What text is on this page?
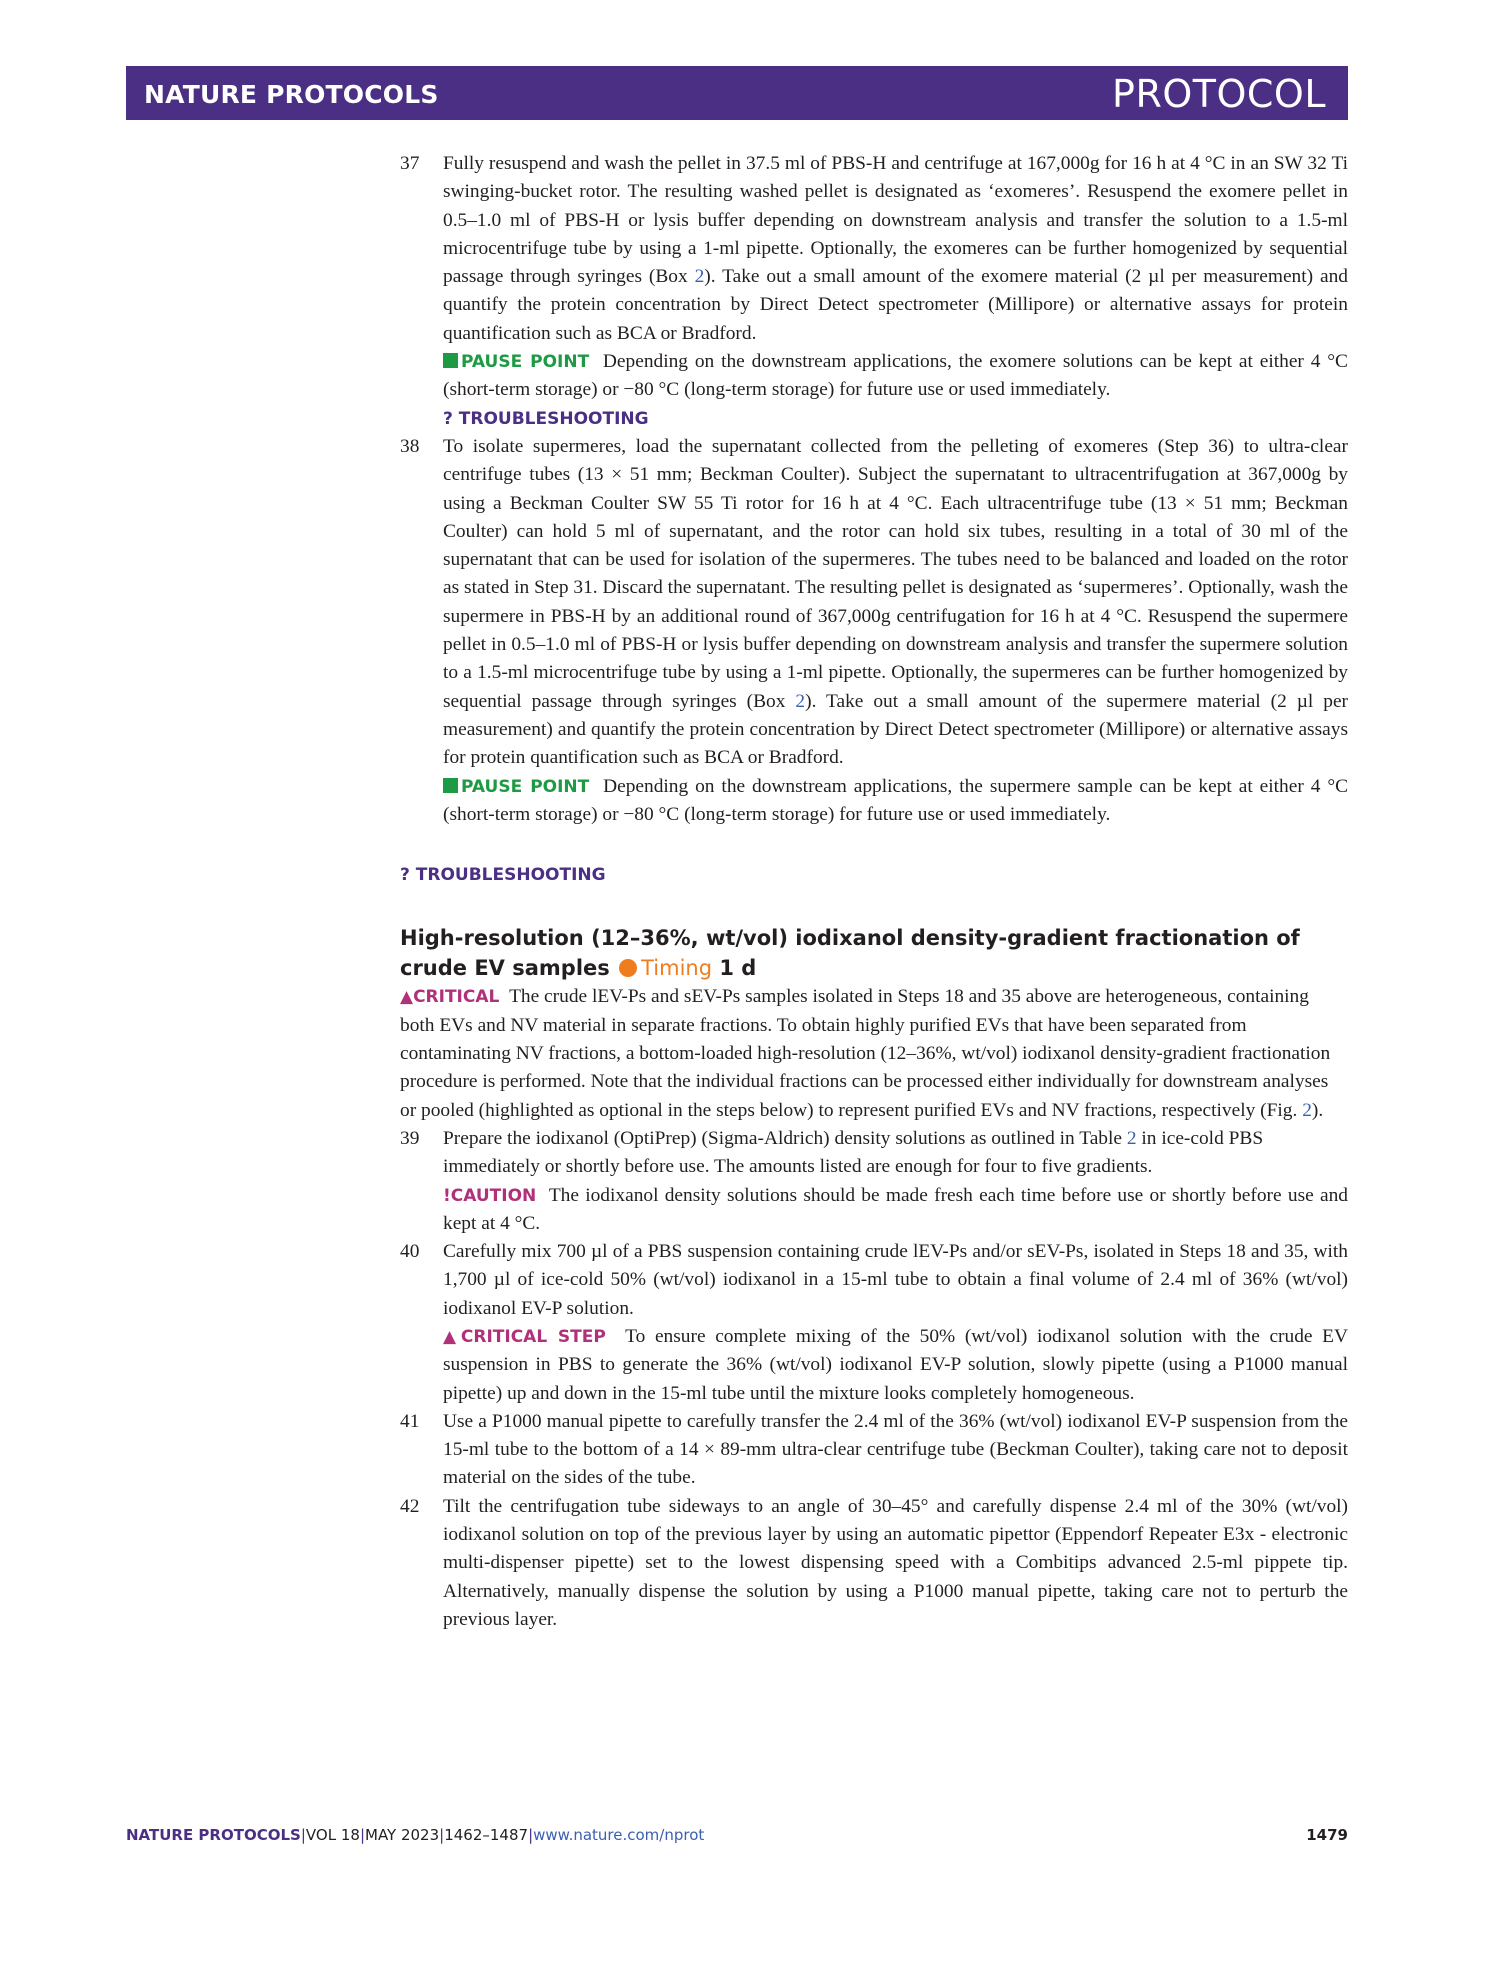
NATURE PROTOCOLS	PROTOCOL
37 Fully resuspend and wash the pellet in 37.5 ml of PBS-H and centrifuge at 167,000g for 16 h at 4 °C in an SW 32 Ti swinging-bucket rotor. The resulting washed pellet is designated as ‘exomeres’. Resuspend the exomere pellet in 0.5–1.0 ml of PBS-H or lysis buffer depending on downstream analysis and transfer the solution to a 1.5-ml microcentrifuge tube by using a 1-ml pipette. Optionally, the exomeres can be further homogenized by sequential passage through syringes (Box 2). Take out a small amount of the exomere material (2 µl per measurement) and quantify the protein concentration by Direct Detect spectrometer (Millipore) or alternative assays for protein quantification such as BCA or Bradford.
PAUSE POINT Depending on the downstream applications, the exomere solutions can be kept at either 4 °C (short-term storage) or −80 °C (long-term storage) for future use or used immediately.
? TROUBLESHOOTING
38 To isolate supermeres, load the supernatant collected from the pelleting of exomeres (Step 36) to ultra-clear centrifuge tubes (13 × 51 mm; Beckman Coulter). Subject the supernatant to ultracentrifugation at 367,000g by using a Beckman Coulter SW 55 Ti rotor for 16 h at 4 °C. Each ultracentrifuge tube (13 × 51 mm; Beckman Coulter) can hold 5 ml of supernatant, and the rotor can hold six tubes, resulting in a total of 30 ml of the supernatant that can be used for isolation of the supermeres. The tubes need to be balanced and loaded on the rotor as stated in Step 31. Discard the supernatant. The resulting pellet is designated as ‘supermeres’. Optionally, wash the supermere in PBS-H by an additional round of 367,000g centrifugation for 16 h at 4 °C. Resuspend the supermere pellet in 0.5–1.0 ml of PBS-H or lysis buffer depending on downstream analysis and transfer the supermere solution to a 1.5-ml microcentrifuge tube by using a 1-ml pipette. Optionally, the supermeres can be further homogenized by sequential passage through syringes (Box 2). Take out a small amount of the supermere material (2 µl per measurement) and quantify the protein concentration by Direct Detect spectrometer (Millipore) or alternative assays for protein quantification such as BCA or Bradford.
PAUSE POINT Depending on the downstream applications, the supermere sample can be kept at either 4 °C (short-term storage) or −80 °C (long-term storage) for future use or used immediately.
? TROUBLESHOOTING
High-resolution (12–36%, wt/vol) iodixanol density-gradient fractionation of crude EV samples Timing 1 d
▲CRITICAL The crude lEV-Ps and sEV-Ps samples isolated in Steps 18 and 35 above are heterogeneous, containing both EVs and NV material in separate fractions. To obtain highly purified EVs that have been separated from contaminating NV fractions, a bottom-loaded high-resolution (12–36%, wt/vol) iodixanol density-gradient fractionation procedure is performed. Note that the individual fractions can be processed either individually for downstream analyses or pooled (highlighted as optional in the steps below) to represent purified EVs and NV fractions, respectively (Fig. 2).
39 Prepare the iodixanol (OptiPrep) (Sigma-Aldrich) density solutions as outlined in Table 2 in ice-cold PBS immediately or shortly before use. The amounts listed are enough for four to five gradients.
!CAUTION The iodixanol density solutions should be made fresh each time before use or shortly before use and kept at 4 °C.
40 Carefully mix 700 µl of a PBS suspension containing crude lEV-Ps and/or sEV-Ps, isolated in Steps 18 and 35, with 1,700 µl of ice-cold 50% (wt/vol) iodixanol in a 15-ml tube to obtain a final volume of 2.4 ml of 36% (wt/vol) iodixanol EV-P solution.
▲CRITICAL STEP To ensure complete mixing of the 50% (wt/vol) iodixanol solution with the crude EV suspension in PBS to generate the 36% (wt/vol) iodixanol EV-P solution, slowly pipette (using a P1000 manual pipette) up and down in the 15-ml tube until the mixture looks completely homogeneous.
41 Use a P1000 manual pipette to carefully transfer the 2.4 ml of the 36% (wt/vol) iodixanol EV-P suspension from the 15-ml tube to the bottom of a 14 × 89-mm ultra-clear centrifuge tube (Beckman Coulter), taking care not to deposit material on the sides of the tube.
42 Tilt the centrifugation tube sideways to an angle of 30–45° and carefully dispense 2.4 ml of the 30% (wt/vol) iodixanol solution on top of the previous layer by using an automatic pipettor (Eppendorf Repeater E3x - electronic multi-dispenser pipette) set to the lowest dispensing speed with a Combitips advanced 2.5-ml pippete tip. Alternatively, manually dispense the solution by using a P1000 manual pipette, taking care not to perturb the previous layer.
NATURE PROTOCOLS|VOL 18|MAY 2023|1462–1487|www.nature.com/nprot	1479
